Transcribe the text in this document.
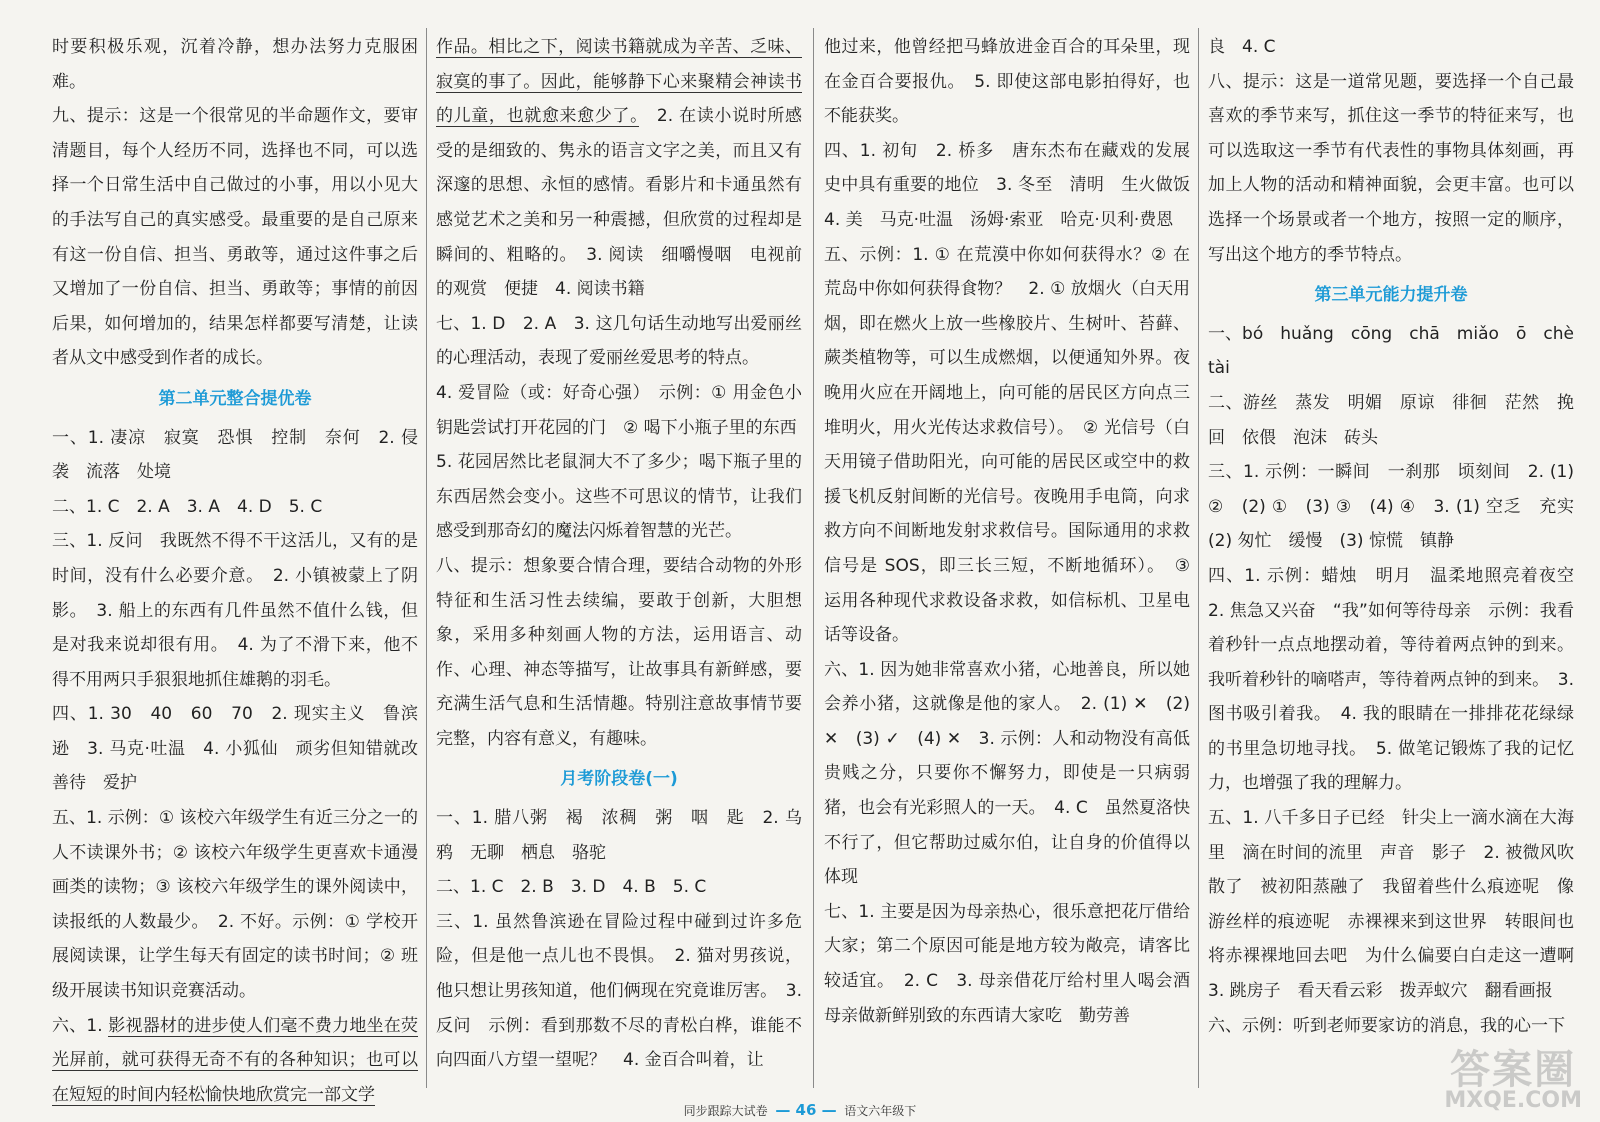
时要积极乐观，沉着冷静，想办法努力克服困难。

九、提示：这是一个很常见的半命题作文，要审清题目，每个人经历不同，选择也不同，可以选择一个日常生活中自己做过的小事，用以小见大的手法写自己的真实感受。最重要的是自己原来有这一份自信、担当、勇敢等，通过这件事之后又增加了一份自信、担当、勇敢等；事情的前因后果，如何增加的，结果怎样都要写清楚，让读者从文中感受到作者的成长。

第二单元整合提优卷

一、1. 凄凉　寂寞　恐惧　控制　奈何　2. 侵袭　流落　处境

二、1. C　2. A　3. A　4. D　5. C

三、1. 反问　我既然不得不干这活儿，又有的是时间，没有什么必要介意。　2. 小镇被蒙上了阴影。　3. 船上的东西有几件虽然不值什么钱，但是对我来说却很有用。　4. 为了不滑下来，他不得不用两只手狠狠地抓住雄鹅的羽毛。

四、1. 30　40　60　70　2. 现实主义　鲁滨逊　3. 马克·吐温　4. 小狐仙　顽劣但知错就改　善待　爱护

五、1. 示例：① 该校六年级学生有近三分之一的人不读课外书；② 该校六年级学生更喜欢卡通漫画类的读物；③ 该校六年级学生的课外阅读中，读报纸的人数最少。　2. 不好。示例：① 学校开展阅读课，让学生每天有固定的读书时间；② 班级开展读书知识竞赛活动。

六、1. 影视器材的进步使人们毫不费力地坐在荧光屏前，就可获得无奇不有的各种知识；也可以在短短的时间内轻松愉快地欣赏完一部文学

作品。相比之下，阅读书籍就成为辛苦、乏味、寂寞的事了。因此，能够静下心来聚精会神读书的儿童，也就愈来愈少了。　2. 在读小说时所感受的是细致的、隽永的语言文字之美，而且又有深邃的思想、永恒的感情。看影片和卡通虽然有感觉艺术之美和另一种震撼，但欣赏的过程却是瞬间的、粗略的。　3. 阅读　细嚼慢咽　电视前的观赏　便捷　4. 阅读书籍

七、1. D　2. A　3. 这几句话生动地写出爱丽丝的心理活动，表现了爱丽丝爱思考的特点。

4. 爱冒险（或：好奇心强）　示例：① 用金色小钥匙尝试打开花园的门　② 喝下小瓶子里的东西

5. 花园居然比老鼠洞大不了多少；喝下瓶子里的东西居然会变小。这些不可思议的情节，让我们感受到那奇幻的魔法闪烁着智慧的光芒。

八、提示：想象要合情合理，要结合动物的外形特征和生活习性去续编，要敢于创新，大胆想象，采用多种刻画人物的方法，运用语言、动作、心理、神态等描写，让故事具有新鲜感，要充满生活气息和生活情趣。特别注意故事情节要完整，内容有意义，有趣味。

月考阶段卷(一)

一、1. 腊八粥　褐　浓稠　粥　咽　匙　2. 乌鸦　无聊　栖息　骆驼

二、1. C　2. B　3. D　4. B　5. C

三、1. 虽然鲁滨逊在冒险过程中碰到过许多危险，但是他一点儿也不畏惧。　2. 猫对男孩说，他只想让男孩知道，他们俩现在究竟谁厉害。　3. 反问　示例：看到那数不尽的青松白桦，谁能不向四面八方望一望呢？　4. 金百合叫着，让

他过来，他曾经把马蜂放进金百合的耳朵里，现在金百合要报仇。　5. 即使这部电影拍得好，也不能获奖。

四、1. 初旬　2. 桥多　唐东杰布在藏戏的发展史中具有重要的地位　3. 冬至　清明　生火做饭　4. 美　马克·吐温　汤姆·索亚　哈克·贝利·费恩

五、示例：1. ① 在荒漠中你如何获得水？② 在荒岛中你如何获得食物？　2. ① 放烟火（白天用烟，即在燃火上放一些橡胶片、生树叶、苔藓、蕨类植物等，可以生成燃烟，以便通知外界。夜晚用火应在开阔地上，向可能的居民区方向点三堆明火，用火光传达求救信号）。　② 光信号（白天用镜子借助阳光，向可能的居民区或空中的救援飞机反射间断的光信号。夜晚用手电筒，向求救方向不间断地发射求救信号。国际通用的求救信号是 SOS，即三长三短，不断地循环）。　③ 运用各种现代求救设备求救，如信标机、卫星电话等设备。

六、1. 因为她非常喜欢小猪，心地善良，所以她会养小猪，这就像是他的家人。　2. (1) ✕　(2) ✕　(3) ✓　(4) ✕　3. 示例：人和动物没有高低贵贱之分，只要你不懈努力，即使是一只病弱猪，也会有光彩照人的一天。　4. C　虽然夏洛快不行了，但它帮助过威尔伯，让自身的价值得以体现

七、1. 主要是因为母亲热心，很乐意把花厅借给大家；第二个原因可能是地方较为敞亮，请客比较适宜。　2. C　3. 母亲借花厅给村里人喝会酒　母亲做新鲜别致的东西请大家吃　勤劳善

良　4. C

八、提示：这是一道常见题，要选择一个自己最喜欢的季节来写，抓住这一季节的特征来写，也可以选取这一季节有代表性的事物具体刻画，再加上人物的活动和精神面貌，会更丰富。也可以选择一个场景或者一个地方，按照一定的顺序，写出这个地方的季节特点。

第三单元能力提升卷

一、bó　huǎng　cōng　chā　miǎo　ō　chè　tài

二、游丝　蒸发　明媚　原谅　徘徊　茫然　挽回　依偎　泡沫　砖头

三、1. 示例：一瞬间　一刹那　顷刻间　2. (1) ②　(2) ①　(3) ③　(4) ④　3. (1) 空乏　充实　(2) 匆忙　缓慢　(3) 惊慌　镇静

四、1. 示例：蜡烛　明月　温柔地照亮着夜空　2. 焦急又兴奋　“我”如何等待母亲　示例：我看着秒针一点点地摆动着，等待着两点钟的到来。我听着秒针的嘀嗒声，等待着两点钟的到来。　3. 图书吸引着我。　4. 我的眼睛在一排排花花绿绿的书里急切地寻找。　5. 做笔记锻炼了我的记忆力，也增强了我的理解力。

五、1. 八千多日子已经　针尖上一滴水滴在大海里　滴在时间的流里　声音　影子　2. 被微风吹散了　被初阳蒸融了　我留着些什么痕迹呢　像游丝样的痕迹呢　赤裸裸来到这世界　转眼间也将赤裸裸地回去吧　为什么偏要白白走这一遭啊　3. 跳房子　看天看云彩　拨弄蚁穴　翻看画报

六、示例：听到老师要家访的消息，我的心一下

同步跟踪大试卷 — 46 — 语文六年级下
答案圈
MXQE.COM
